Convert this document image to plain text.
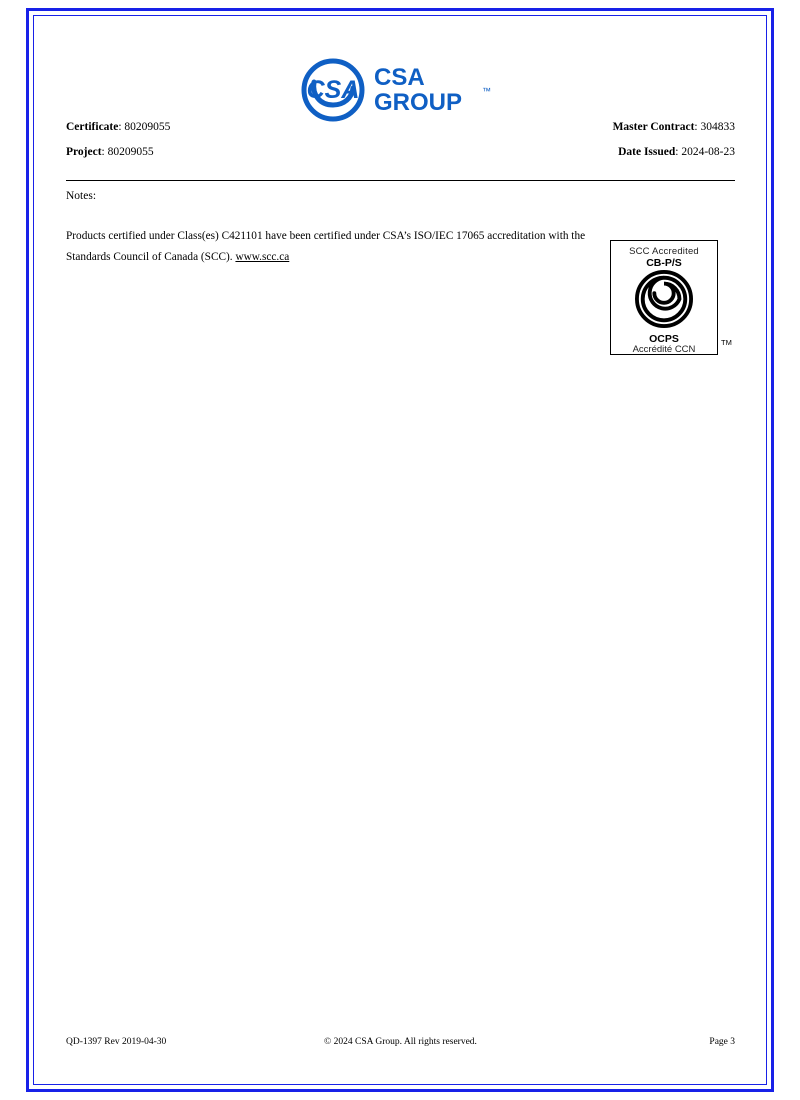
CSA CSA
GROUP ™
Certificate: 80209055	Master Contract: 304833
Project: 80209055	Date Issued: 2024-08-23
Notes:
Products certified under Class(es) C421101 have been certified under CSA’s ISO/IEC 17065 accreditation with the Standards Council of Canada (SCC). www.scc.ca	SCC Accredited
CB-P/S
OCPS
Accrédité CCN
TM
QD-1397 Rev 2019-04-30	© 2024 CSA Group. All rights reserved.	Page 3
